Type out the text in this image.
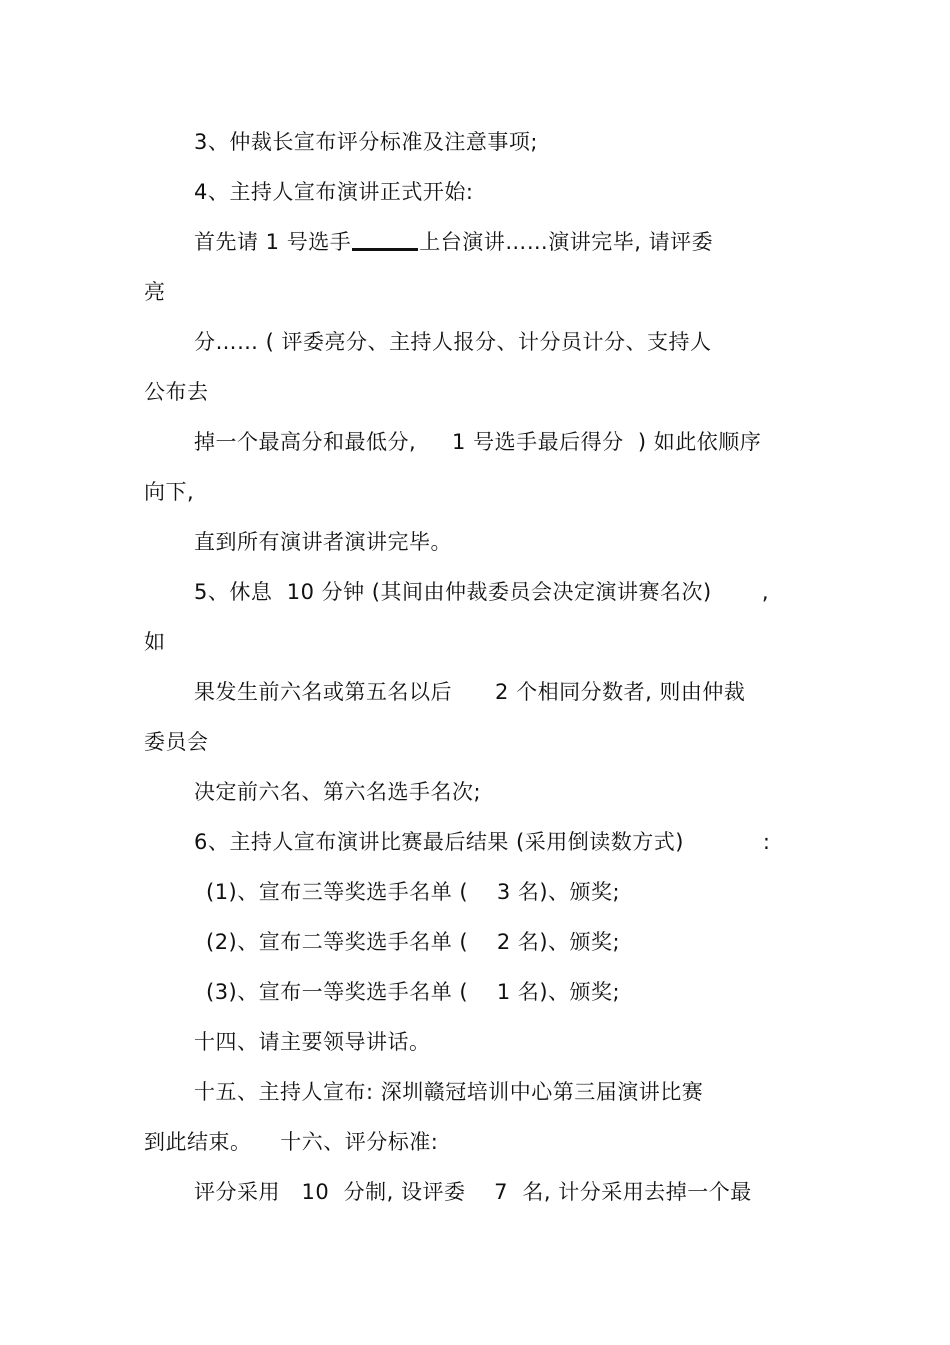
3、仲裁长宣布评分标准及注意事项;
4、主持人宣布演讲正式开始:
首先请 1 号选手	上台演讲……演讲完毕, 请评委
亮
分…… ( 评委亮分、主持人报分、计分员计分、支持人
公布去
掉一个最高分和最低分,     1 号选手最后得分  ) 如此依顺序
向下,
直到所有演讲者演讲完毕。
5、休息  10 分钟 (其间由仲裁委员会决定演讲赛名次)       ,
如
果发生前六名或第五名以后      2 个相同分数者, 则由仲裁
委员会
决定前六名、第六名选手名次;
6、主持人宣布演讲比赛最后结果 (采用倒读数方式)           :
(1)、宣布三等奖选手名单 (    3 名)、颁奖;
(2)、宣布二等奖选手名单 (    2 名)、颁奖;
(3)、宣布一等奖选手名单 (    1 名)、颁奖;
十四、请主要领导讲话。
十五、主持人宣布: 深圳赣冠培训中心第三届演讲比赛
到此结束。    十六、评分标准:
评分采用   10  分制, 设评委    7  名, 计分采用去掉一个最
